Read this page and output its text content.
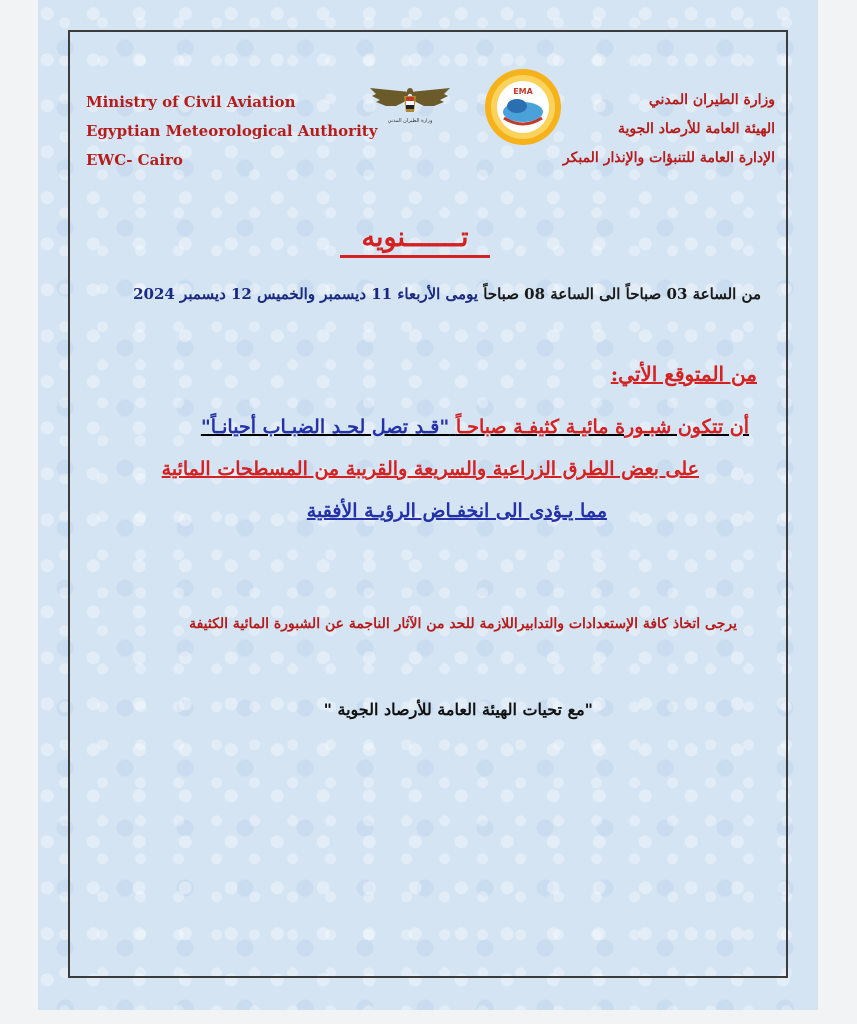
Ministry of Civil Aviation
Egyptian Meteorological Authority
EWC- Cairo
وزارة الطيران المدني
EMA
وزارة الطيران المدني
الهيئة العامة للأرصاد الجوية
الإدارة العامة للتنبؤات والإنذار المبكر
تـــــــنويه
من الساعة 03 صباحاً الى الساعة 08 صباحاً يومى الأربعاء 11 ديسمبر والخميس 12 ديسمبر 2024
من المتوقع الأتي:
أن تتكون شبـورة مائيـة كثيفـة صباحـاً "قـد تصل لحـد الضبـاب أحيانـاً"
على بعض الطرق الزراعية والسريعة والقريبة من المسطحات المائية
مما يـؤدى الى انخفـاض الرؤيـة الأفقية
يرجى اتخاذ كافة الإستعدادات والتدابيراللازمة للحد من الآثار الناجمة عن الشبورة المائية الكثيفة
"مع تحيات الهيئة العامة للأرصاد الجوية "
